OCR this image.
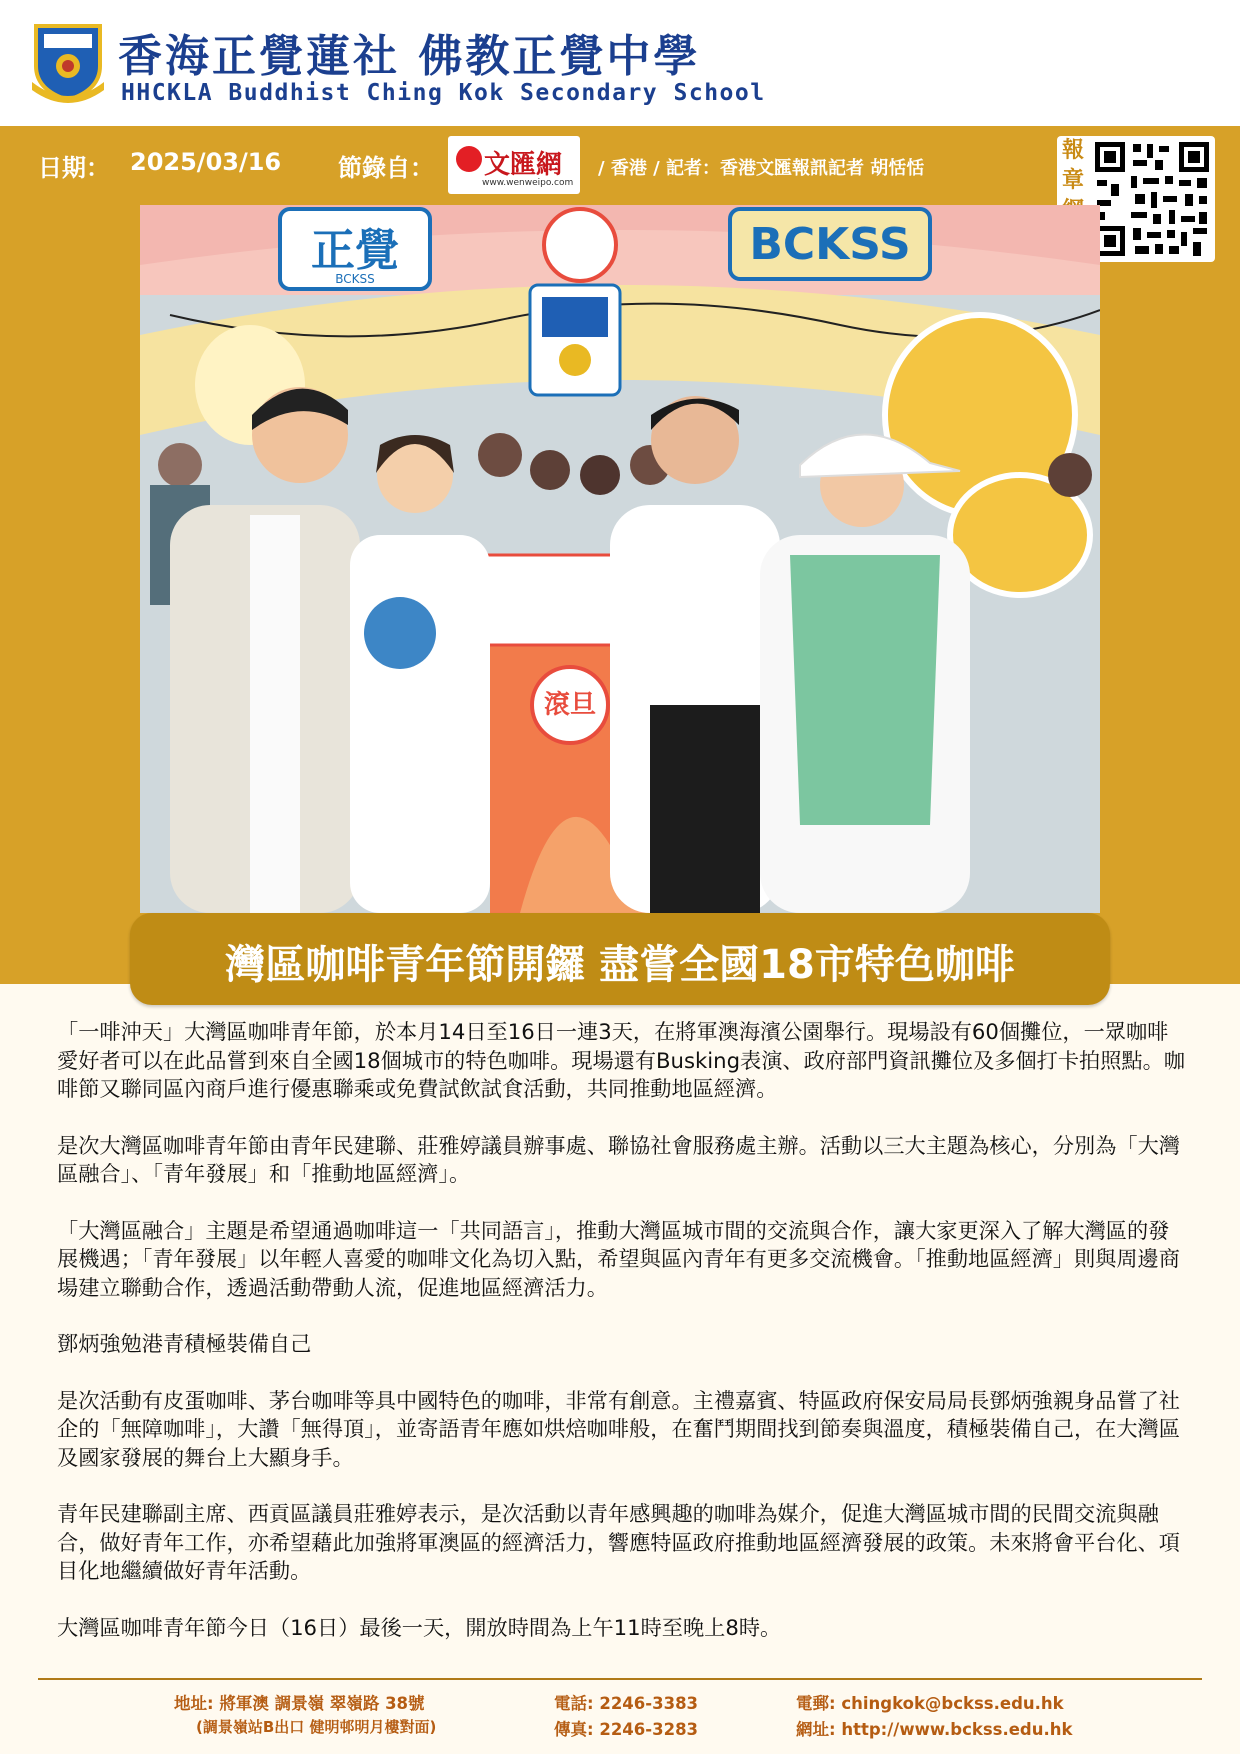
香海正覺蓮社 佛教正覺中學
HHCKLA Buddhist Ching Kok Secondary School
日期： 2025/03/16 節錄自： 文匯網
www.wenweipo.com
/ 香港 / 記者：香港文匯報訊記者 胡恬恬
報章
正覺
BCKSS
BCKSS
滾旦
灣區咖啡青年節開鑼 盡嘗全國18市特色咖啡

「一啡沖天」大灣區咖啡青年節，於本月14日至16日一連3天，在將軍澳海濱公園舉行。現場設有60個攤位，一眾咖啡愛好者可以在此品嘗到來自全國18個城市的特色咖啡。現場還有Busking表演、政府部門資訊攤位及多個打卡拍照點。咖啡節又聯同區內商戶進行優惠聯乘或免費試飲試食活動，共同推動地區經濟。

是次大灣區咖啡青年節由青年民建聯、莊雅婷議員辦事處、聯協社會服務處主辦。活動以三大主題為核心，分別為「大灣區融合」、「青年發展」和「推動地區經濟」。

「大灣區融合」主題是希望通過咖啡這一「共同語言」，推動大灣區城市間的交流與合作，讓大家更深入了解大灣區的發展機遇；「青年發展」以年輕人喜愛的咖啡文化為切入點，希望與區內青年有更多交流機會。「推動地區經濟」則與周邊商場建立聯動合作，透過活動帶動人流，促進地區經濟活力。

鄧炳強勉港青積極裝備自己

是次活動有皮蛋咖啡、茅台咖啡等具中國特色的咖啡，非常有創意。主禮嘉賓、特區政府保安局局長鄧炳強親身品嘗了社企的「無障咖啡」，大讚「無得頂」，並寄語青年應如烘焙咖啡般，在奮鬥期間找到節奏與溫度，積極裝備自己，在大灣區及國家發展的舞台上大顯身手。

青年民建聯副主席、西貢區議員莊雅婷表示，是次活動以青年感興趣的咖啡為媒介，促進大灣區城市間的民間交流與融合，做好青年工作，亦希望藉此加強將軍澳區的經濟活力，響應特區政府推動地區經濟發展的政策。未來將會平台化、項目化地繼續做好青年活動。

大灣區咖啡青年節今日（16日）最後一天，開放時間為上午11時至晚上8時。

地址: 將軍澳 調景嶺 翠嶺路 38號
(調景嶺站B出口 健明邨明月樓對面)
電話: 2246-3383
傳真: 2246-3283
電郵: chingkok@bckss.edu.hk
網址: http://www.bckss.edu.hk
